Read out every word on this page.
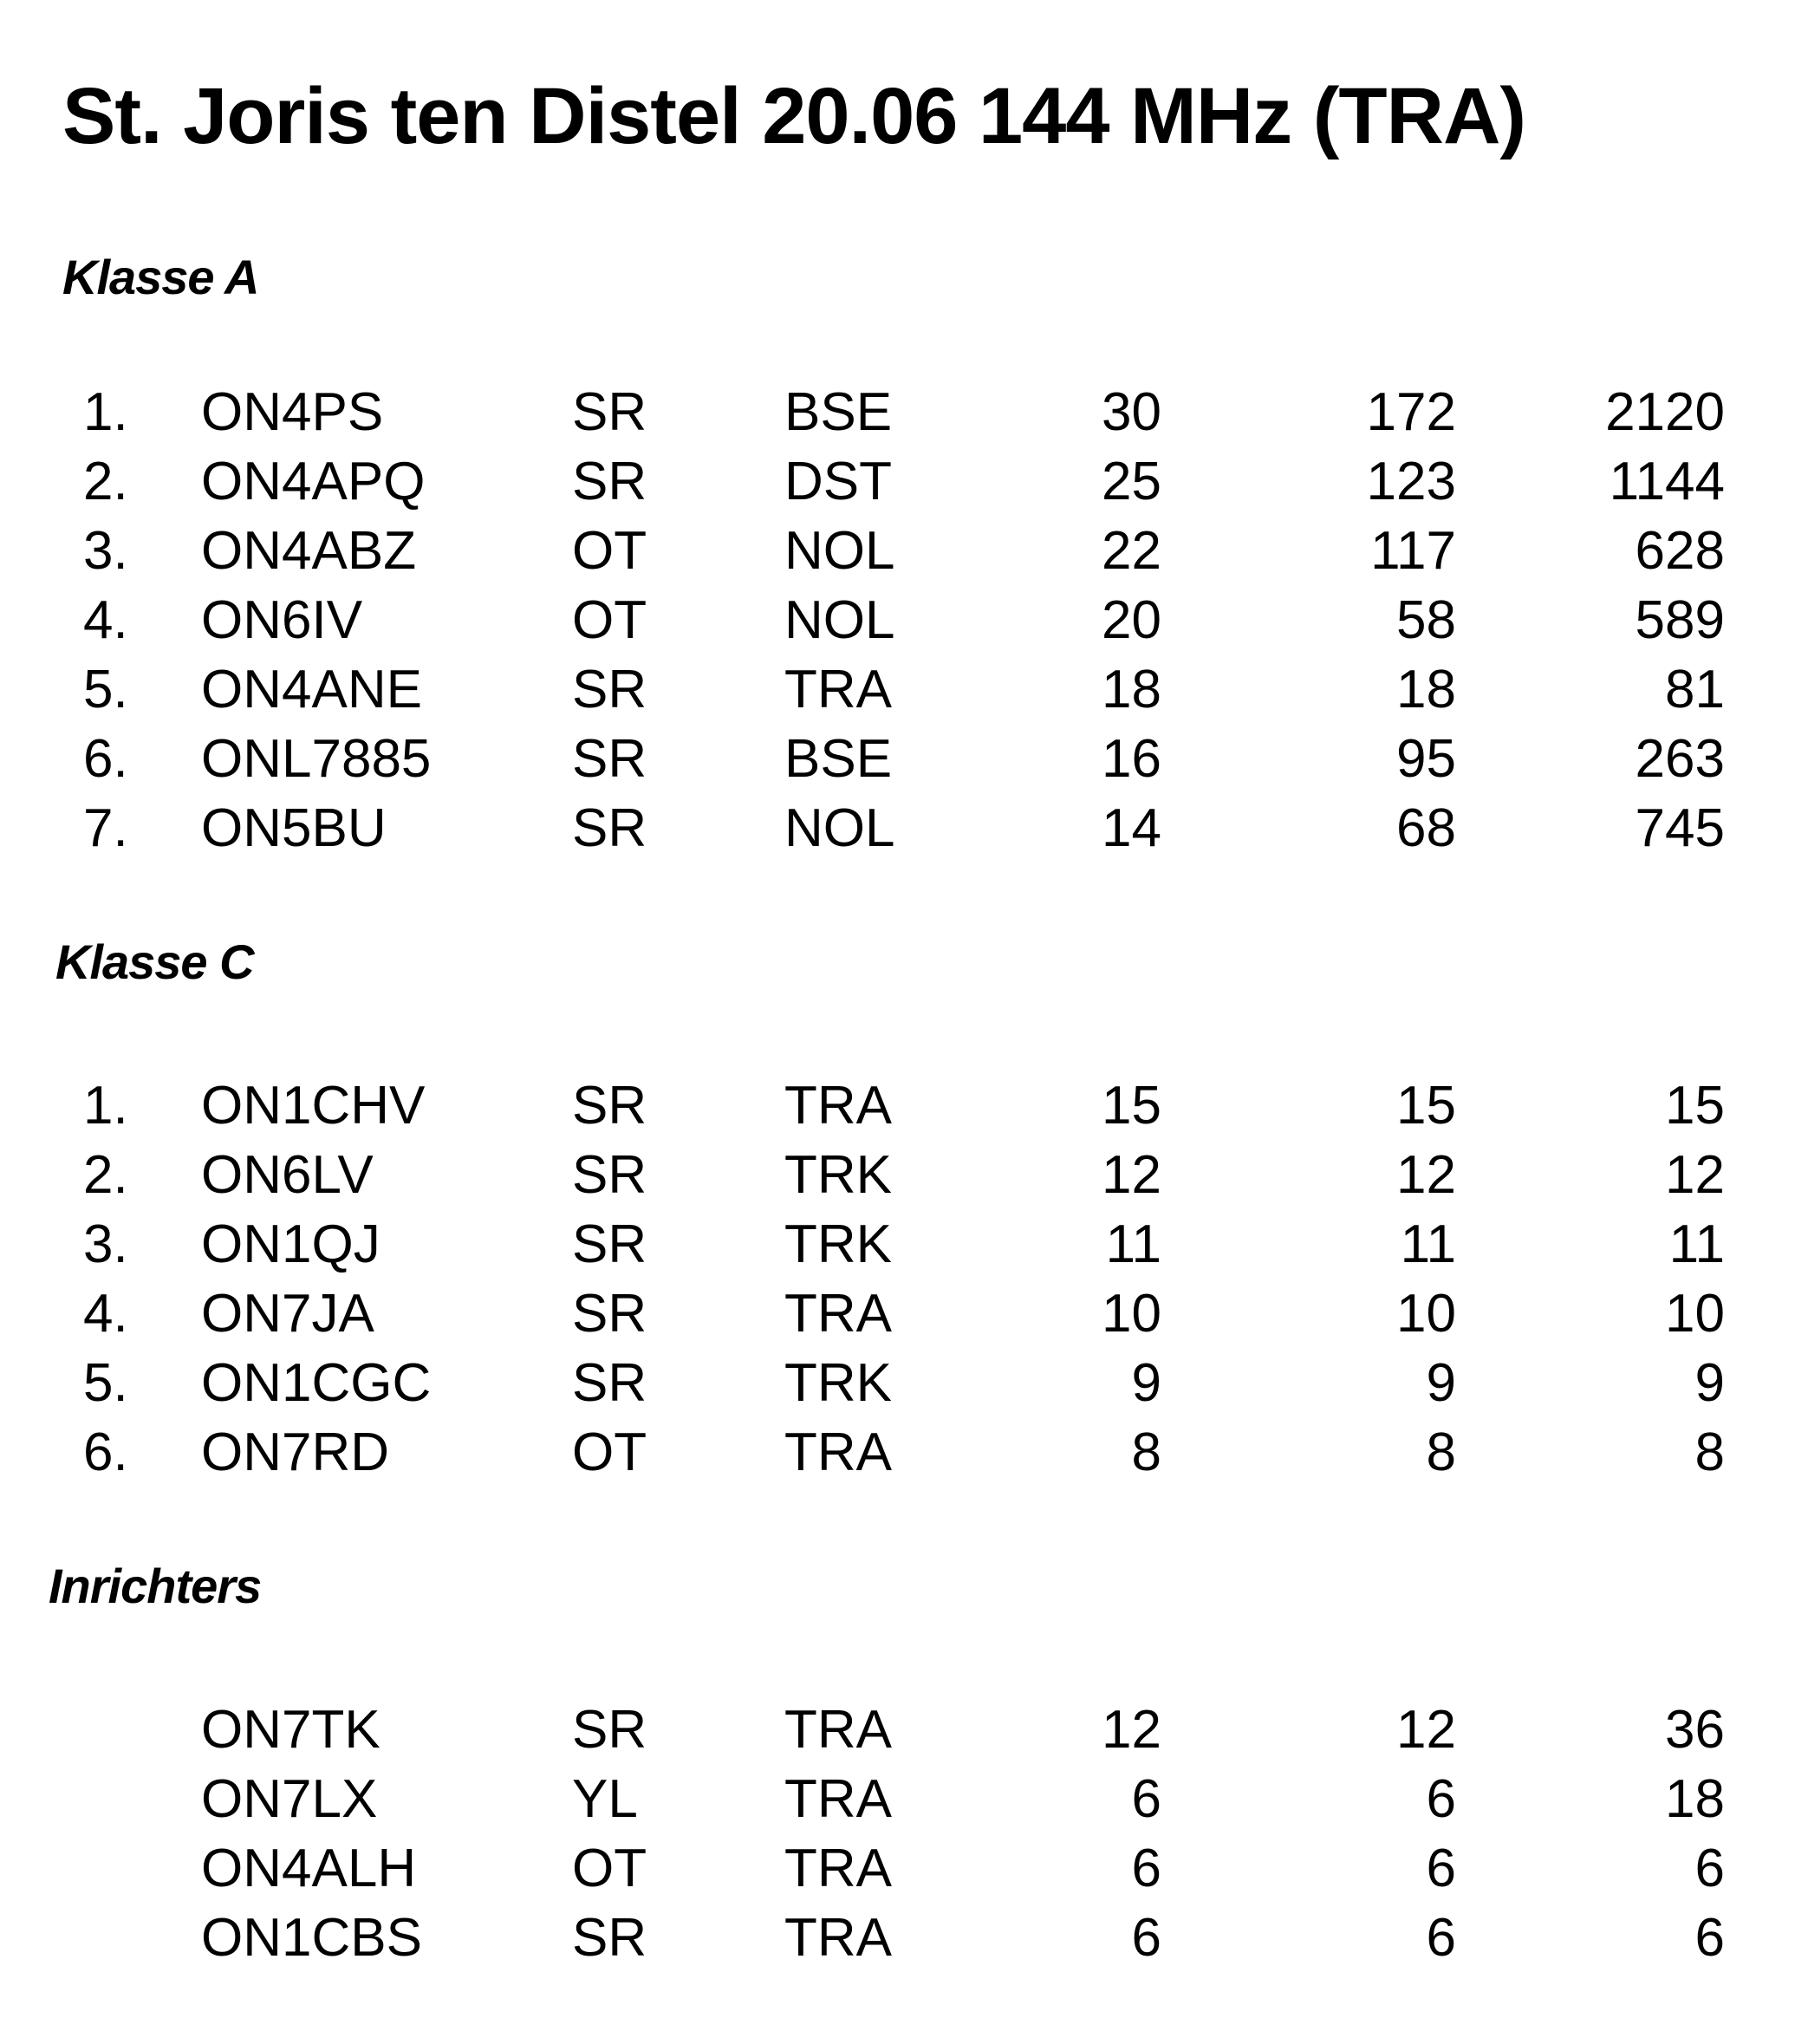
St. Joris ten Distel 20.06 144 MHz (TRA)
Klasse A
1.	ON4PS	SR	BSE	30	172	2120
2.	ON4APQ	SR	DST	25	123	1144
3.	ON4ABZ	OT	NOL	22	117	628
4.	ON6IV	OT	NOL	20	58	589
5.	ON4ANE	SR	TRA	18	18	81
6.	ONL7885	SR	BSE	16	95	263
7.	ON5BU	SR	NOL	14	68	745
Klasse C
1.	ON1CHV	SR	TRA	15	15	15
2.	ON6LV	SR	TRK	12	12	12
3.	ON1QJ	SR	TRK	11	11	11
4.	ON7JA	SR	TRA	10	10	10
5.	ON1CGC	SR	TRK	9	9	9
6.	ON7RD	OT	TRA	8	8	8
Inrichters
ON7TK	SR	TRA	12	12	36
ON7LX	YL	TRA	6	6	18
ON4ALH	OT	TRA	6	6	6
ON1CBS	SR	TRA	6	6	6
